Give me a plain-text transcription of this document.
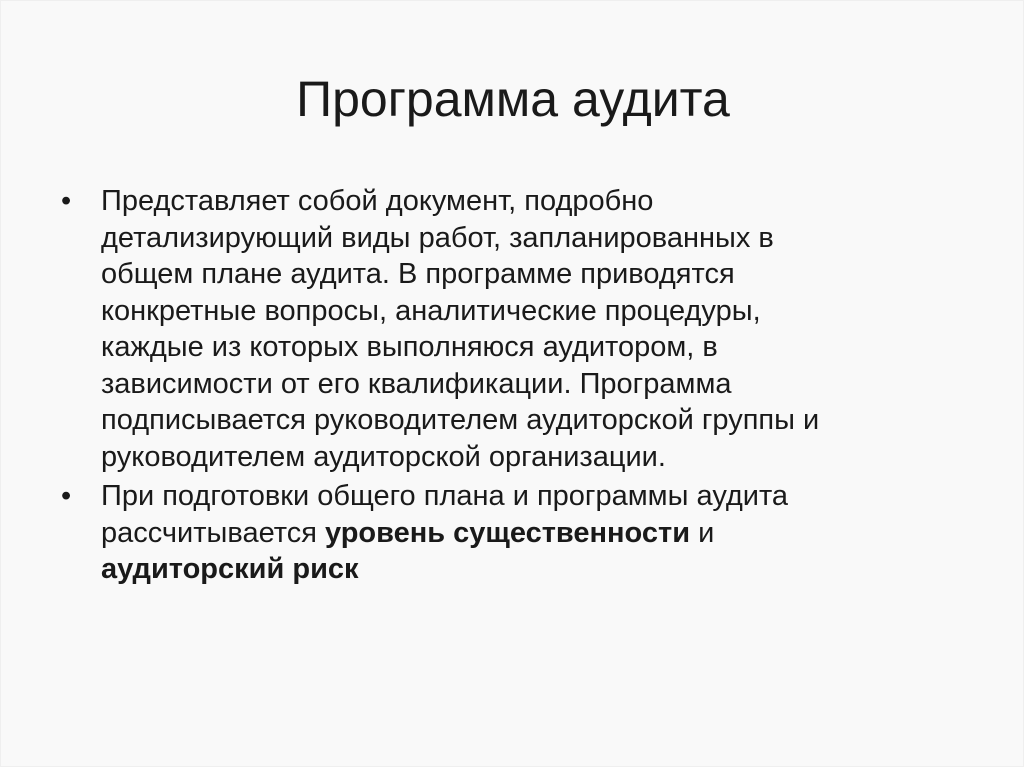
Программа аудита
•	Представляет собой документ, подробно
детализирующий виды работ, запланированных в
общем плане аудита. В программе приводятся
конкретные вопросы, аналитические процедуры,
каждые из которых выполняюся аудитором, в
зависимости от его квалификации. Программа
подписывается руководителем аудиторской группы и
руководителем аудиторской организации.
•	При подготовки общего плана и программы аудита
рассчитывается уровень существенности и
аудиторский риск
